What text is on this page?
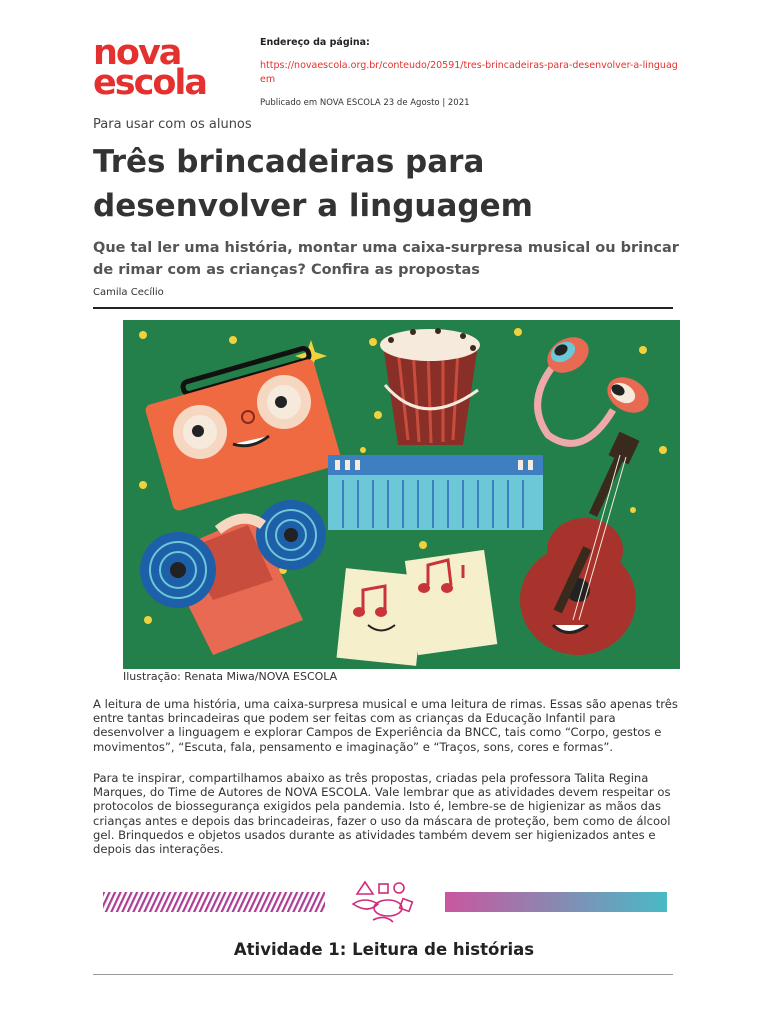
nova
escola
Endereço da página:
https://novaescola.org.br/conteudo/20591/tres-brincadeiras-para-desenvolver-a-linguagem
Publicado em NOVA ESCOLA 23 de Agosto | 2021
Para usar com os alunos
Três brincadeiras para desenvolver a linguagem
Que tal ler uma história, montar uma caixa-surpresa musical ou brincar de rimar com as crianças? Confira as propostas
Camila Cecílio
Ilustração: Renata Miwa/NOVA ESCOLA

A leitura de uma história, uma caixa-surpresa musical e uma leitura de rimas. Essas são apenas três entre tantas brincadeiras que podem ser feitas com as crianças da Educação Infantil para desenvolver a linguagem e explorar Campos de Experiência da BNCC, tais como “Corpo, gestos e movimentos”, “Escuta, fala, pensamento e imaginação” e “Traços, sons, cores e formas”.

Para te inspirar, compartilhamos abaixo as três propostas, criadas pela professora Talita Regina Marques, do Time de Autores de NOVA ESCOLA. Vale lembrar que as atividades devem respeitar os protocolos de biossegurança exigidos pela pandemia. Isto é, lembre-se de higienizar as mãos das crianças antes e depois das brincadeiras, fazer o uso da máscara de proteção, bem como de álcool gel. Brinquedos e objetos usados durante as atividades também devem ser higienizados antes e depois das interações.

Atividade 1: Leitura de histórias
